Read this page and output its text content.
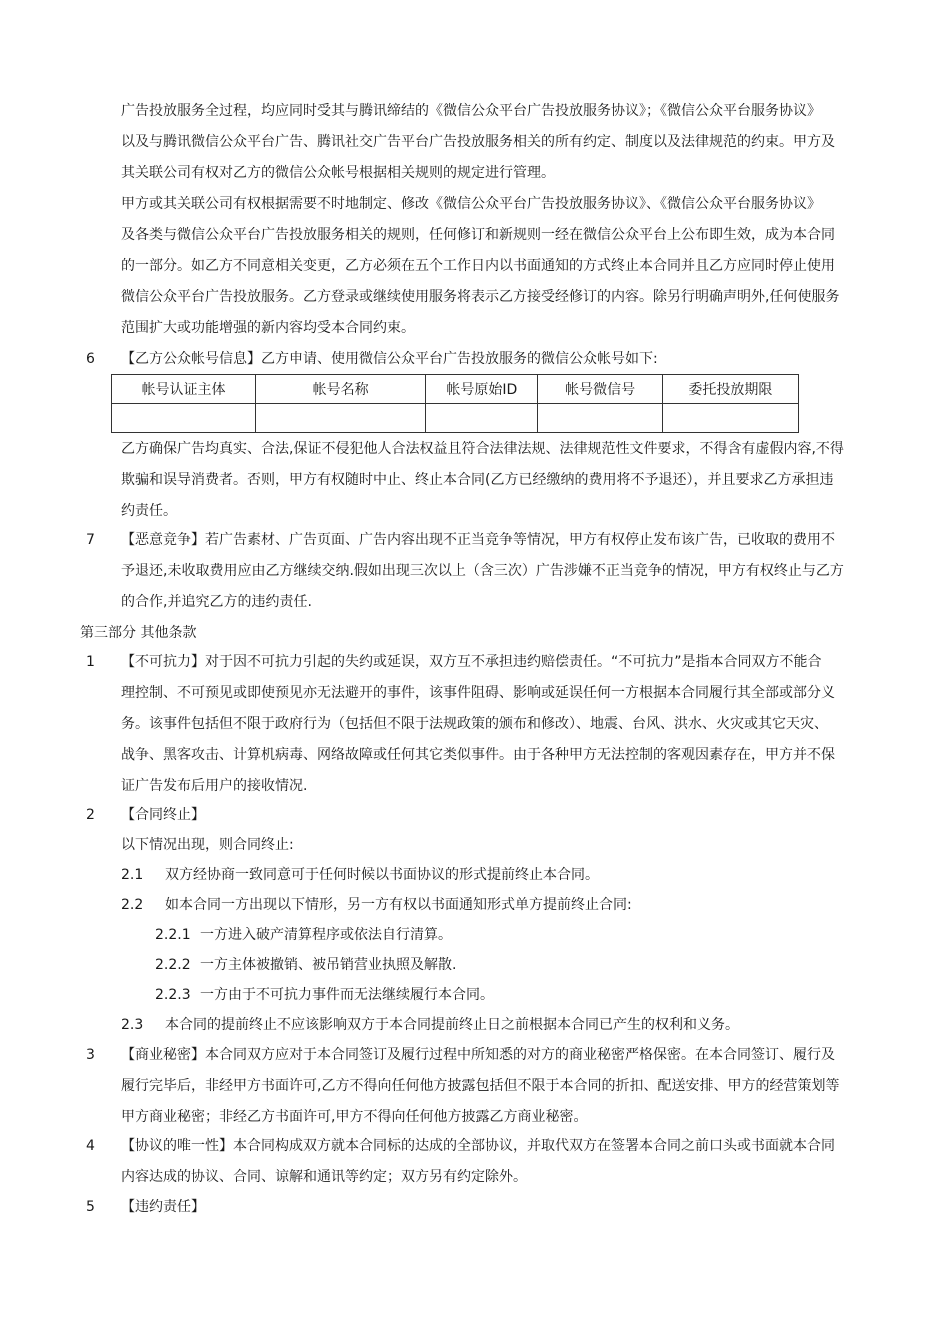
广告投放服务全过程，均应同时受其与腾讯缔结的《微信公众平台广告投放服务协议》；《微信公众平台服务协议》
以及与腾讯微信公众平台广告、腾讯社交广告平台广告投放服务相关的所有约定、制度以及法律规范的约束。甲方及
其关联公司有权对乙方的微信公众帐号根据相关规则的规定进行管理。
甲方或其关联公司有权根据需要不时地制定、修改《微信公众平台广告投放服务协议》、《微信公众平台服务协议》
及各类与微信公众平台广告投放服务相关的规则，任何修订和新规则一经在微信公众平台上公布即生效，成为本合同
的一部分。如乙方不同意相关变更，乙方必须在五个工作日内以书面通知的方式终止本合同并且乙方应同时停止使用
微信公众平台广告投放服务。乙方登录或继续使用服务将表示乙方接受经修订的内容。除另行明确声明外,任何使服务
范围扩大或功能增强的新内容均受本合同约束。
6 【乙方公众帐号信息】乙方申请、使用微信公众平台广告投放服务的微信公众帐号如下:
帐号认证主体	帐号名称	帐号原始ID	帐号微信号	委托投放期限

乙方确保广告均真实、合法,保证不侵犯他人合法权益且符合法律法规、法律规范性文件要求，不得含有虚假内容,不得
欺骗和误导消费者。否则，甲方有权随时中止、终止本合同(乙方已经缴纳的费用将不予退还），并且要求乙方承担违
约责任。
7 【恶意竞争】若广告素材、广告页面、广告内容出现不正当竞争等情况，甲方有权停止发布该广告，已收取的费用不
予退还,未收取费用应由乙方继续交纳.假如出现三次以上（含三次）广告涉嫌不正当竞争的情况，甲方有权终止与乙方
的合作,并追究乙方的违约责任.
第三部分 其他条款
1 【不可抗力】对于因不可抗力引起的失约或延误，双方互不承担违约赔偿责任。“不可抗力”是指本合同双方不能合
理控制、不可预见或即使预见亦无法避开的事件，该事件阻碍、影响或延误任何一方根据本合同履行其全部或部分义
务。该事件包括但不限于政府行为（包括但不限于法规政策的颁布和修改）、地震、台风、洪水、火灾或其它天灾、
战争、黑客攻击、计算机病毒、网络故障或任何其它类似事件。由于各种甲方无法控制的客观因素存在，甲方并不保
证广告发布后用户的接收情况.
2 【合同终止】
以下情况出现，则合同终止:
2.1 双方经协商一致同意可于任何时候以书面协议的形式提前终止本合同。
2.2 如本合同一方出现以下情形，另一方有权以书面通知形式单方提前终止合同:
2.2.1 一方进入破产清算程序或依法自行清算。
2.2.2 一方主体被撤销、被吊销营业执照及解散.
2.2.3 一方由于不可抗力事件而无法继续履行本合同。
2.3 本合同的提前终止不应该影响双方于本合同提前终止日之前根据本合同已产生的权利和义务。
3 【商业秘密】本合同双方应对于本合同签订及履行过程中所知悉的对方的商业秘密严格保密。在本合同签订、履行及
履行完毕后，非经甲方书面许可,乙方不得向任何他方披露包括但不限于本合同的折扣、配送安排、甲方的经营策划等
甲方商业秘密；非经乙方书面许可,甲方不得向任何他方披露乙方商业秘密。
4 【协议的唯一性】本合同构成双方就本合同标的达成的全部协议，并取代双方在签署本合同之前口头或书面就本合同
内容达成的协议、合同、谅解和通讯等约定；双方另有约定除外。
5 【违约责任】
